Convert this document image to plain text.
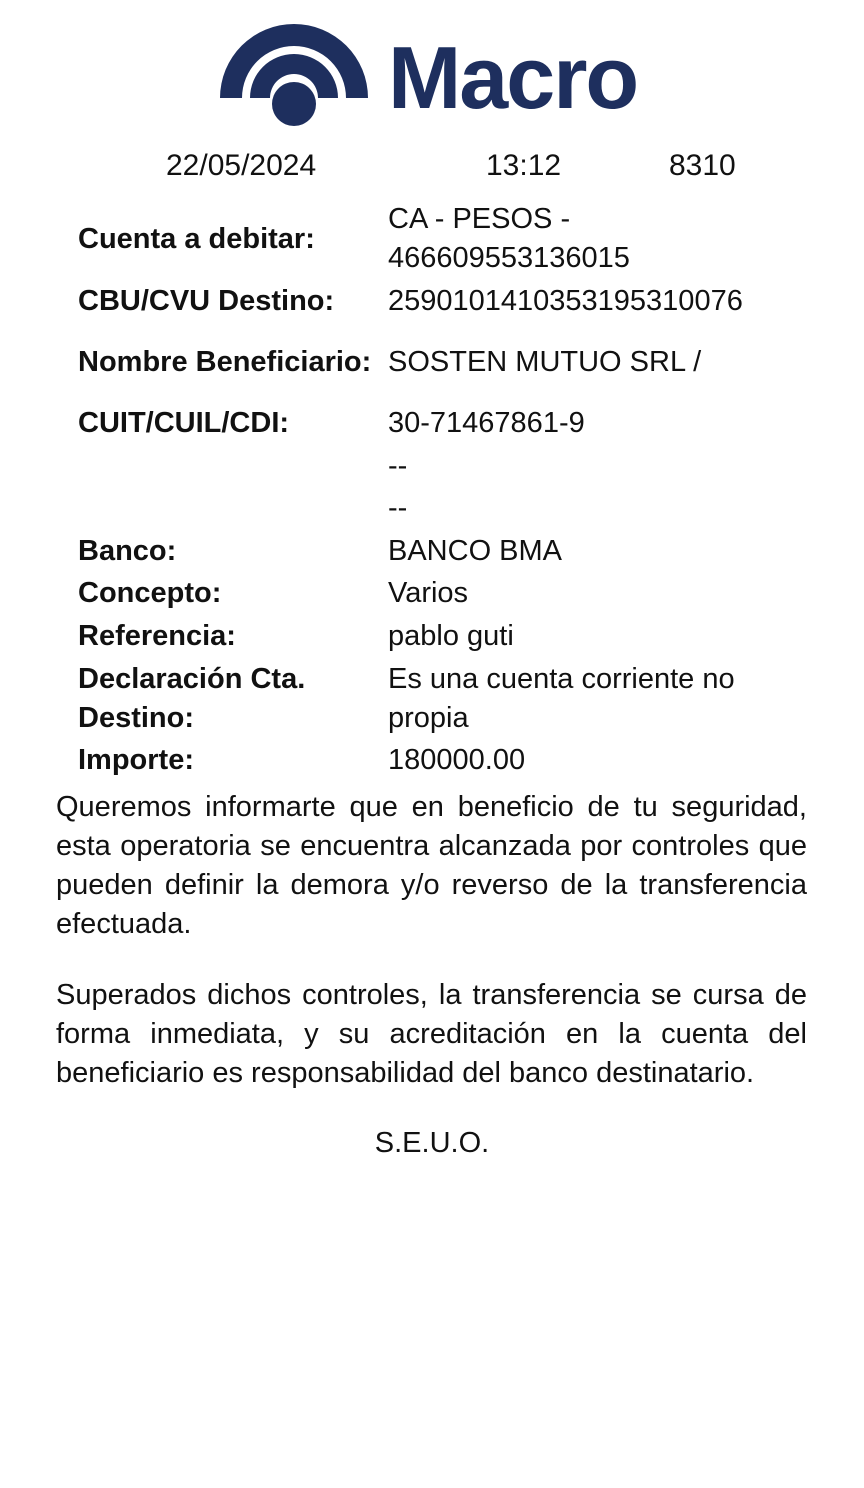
Macro
22/05/2024	13:12	8310
Cuenta a debitar:	CA - PESOS - 466609553136015
CBU/CVU Destino:	2590101410353195310076
Nombre Beneficiario:	SOSTEN MUTUO SRL /
CUIT/CUIL/CDI:	30-71467861-9
	--
	--
Banco:	BANCO BMA
Concepto:	Varios
Referencia:	pablo guti
Declaración Cta. Destino:	Es una cuenta corriente no propia
Importe:	180000.00

Queremos informarte que en beneficio de tu seguridad, esta operatoria se encuentra alcanzada por controles que pueden definir la demora y/o reverso de la transferencia efectuada.

Superados dichos controles, la transferencia se cursa de forma inmediata, y su acreditación en la cuenta del beneficiario es responsabilidad del banco destinatario.

S.E.U.O.
